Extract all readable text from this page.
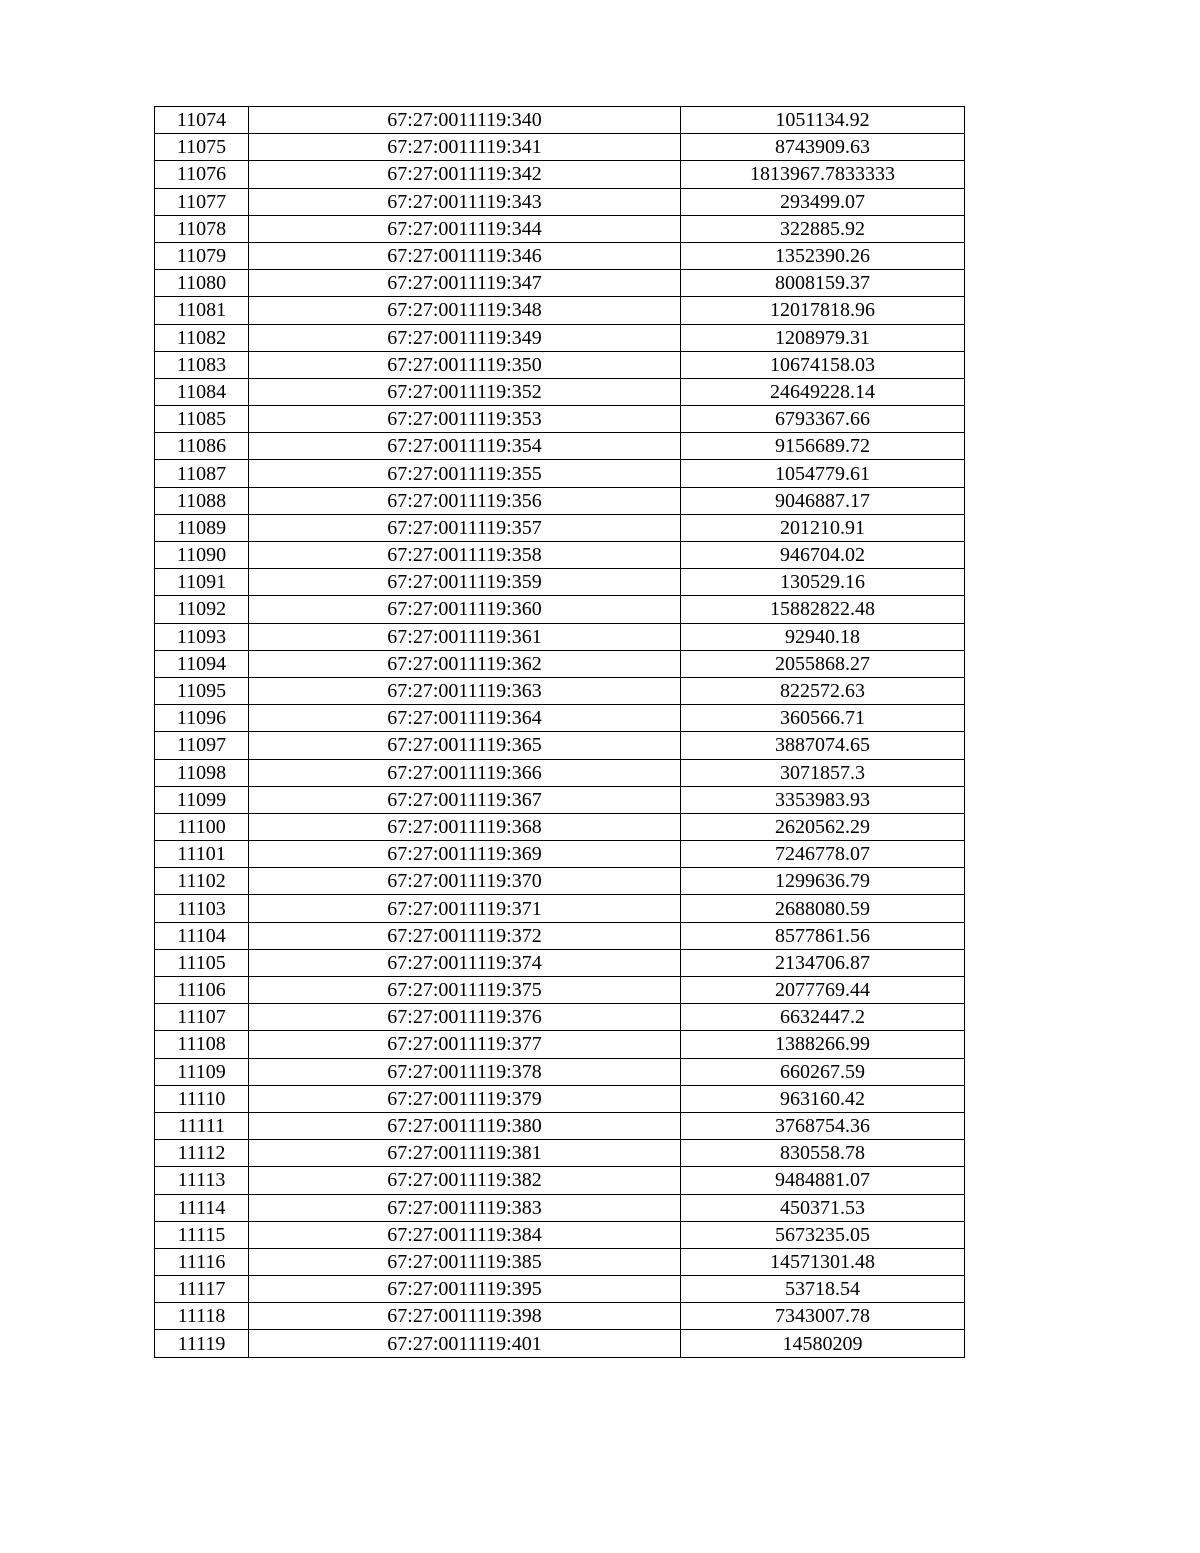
11074	67:27:0011119:340	1051134.92
11075	67:27:0011119:341	8743909.63
11076	67:27:0011119:342	1813967.7833333
11077	67:27:0011119:343	293499.07
11078	67:27:0011119:344	322885.92
11079	67:27:0011119:346	1352390.26
11080	67:27:0011119:347	8008159.37
11081	67:27:0011119:348	12017818.96
11082	67:27:0011119:349	1208979.31
11083	67:27:0011119:350	10674158.03
11084	67:27:0011119:352	24649228.14
11085	67:27:0011119:353	6793367.66
11086	67:27:0011119:354	9156689.72
11087	67:27:0011119:355	1054779.61
11088	67:27:0011119:356	9046887.17
11089	67:27:0011119:357	201210.91
11090	67:27:0011119:358	946704.02
11091	67:27:0011119:359	130529.16
11092	67:27:0011119:360	15882822.48
11093	67:27:0011119:361	92940.18
11094	67:27:0011119:362	2055868.27
11095	67:27:0011119:363	822572.63
11096	67:27:0011119:364	360566.71
11097	67:27:0011119:365	3887074.65
11098	67:27:0011119:366	3071857.3
11099	67:27:0011119:367	3353983.93
11100	67:27:0011119:368	2620562.29
11101	67:27:0011119:369	7246778.07
11102	67:27:0011119:370	1299636.79
11103	67:27:0011119:371	2688080.59
11104	67:27:0011119:372	8577861.56
11105	67:27:0011119:374	2134706.87
11106	67:27:0011119:375	2077769.44
11107	67:27:0011119:376	6632447.2
11108	67:27:0011119:377	1388266.99
11109	67:27:0011119:378	660267.59
11110	67:27:0011119:379	963160.42
11111	67:27:0011119:380	3768754.36
11112	67:27:0011119:381	830558.78
11113	67:27:0011119:382	9484881.07
11114	67:27:0011119:383	450371.53
11115	67:27:0011119:384	5673235.05
11116	67:27:0011119:385	14571301.48
11117	67:27:0011119:395	53718.54
11118	67:27:0011119:398	7343007.78
11119	67:27:0011119:401	14580209
